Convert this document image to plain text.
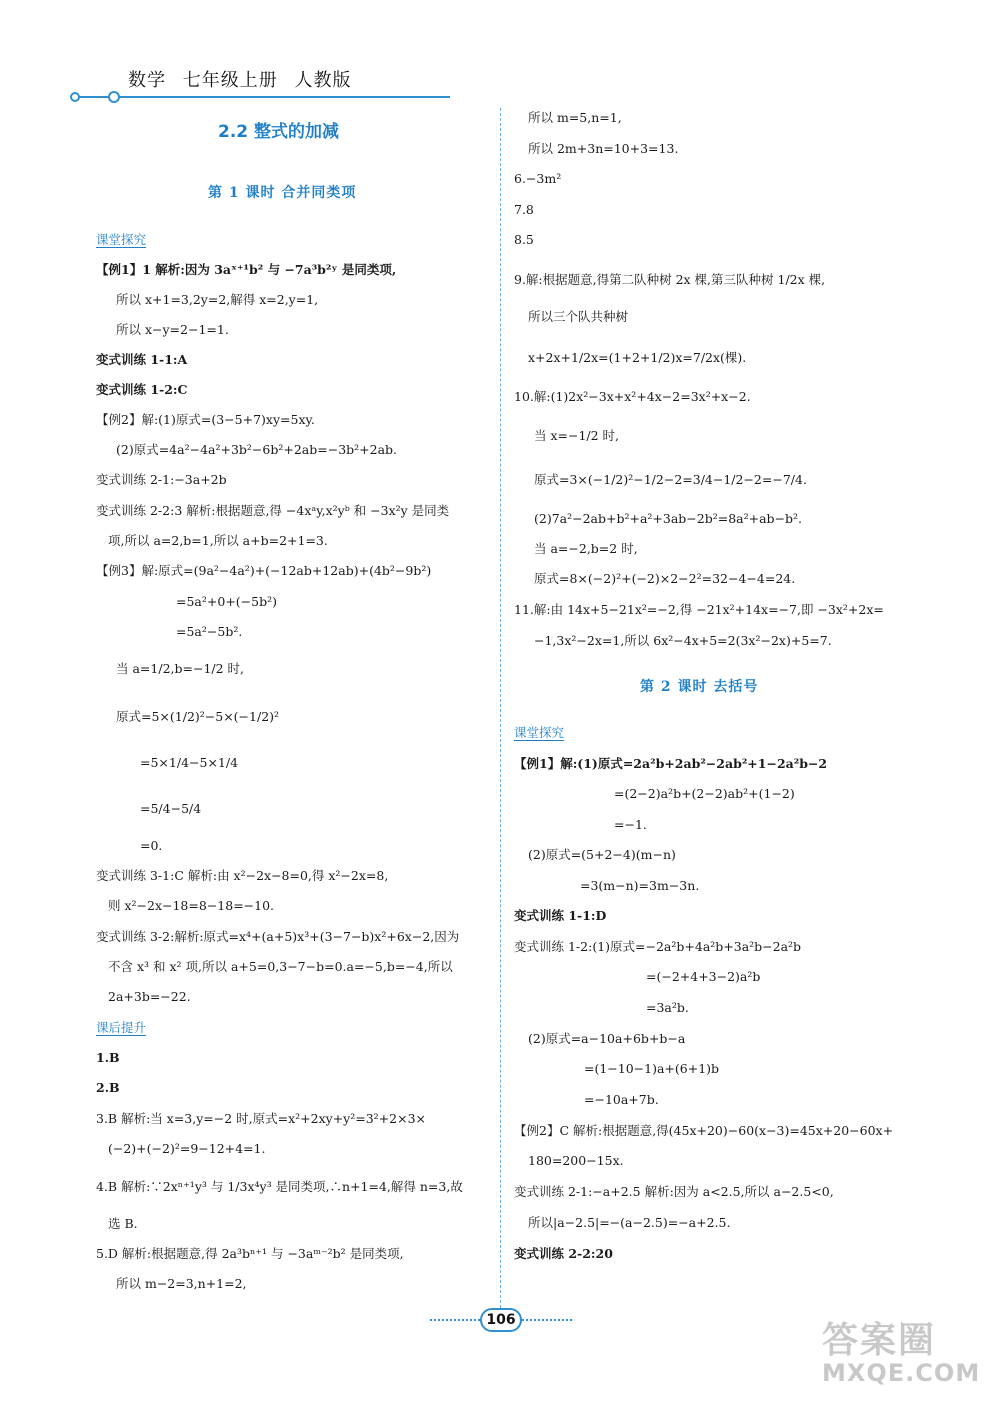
数学 七年级上册 人教版
2.2 整式的加减
第 1 课时 合并同类项
课堂探究
【例1】1 解析:因为 3aˣ⁺¹b² 与 −7a³b²ʸ 是同类项,
所以 x+1=3,2y=2,解得 x=2,y=1,
所以 x−y=2−1=1.
变式训练 1-1:A
变式训练 1-2:C
【例2】解:(1)原式=(3−5+7)xy=5xy.
(2)原式=4a²−4a²+3b²−6b²+2ab=−3b²+2ab.
变式训练 2-1:−3a+2b
变式训练 2-2:3 解析:根据题意,得 −4xᵃy,x²yᵇ 和 −3x²y 是同类
项,所以 a=2,b=1,所以 a+b=2+1=3.
【例3】解:原式=(9a²−4a²)+(−12ab+12ab)+(4b²−9b²)
=5a²+0+(−5b²)
=5a²−5b².
当 a=1/2,b=−1/2 时,
原式=5×(1/2)²−5×(−1/2)²
=5×1/4−5×1/4
=5/4−5/4
=0.
变式训练 3-1:C 解析:由 x²−2x−8=0,得 x²−2x=8,
则 x²−2x−18=8−18=−10.
变式训练 3-2:解析:原式=x⁴+(a+5)x³+(3−7−b)x²+6x−2,因为
不含 x³ 和 x² 项,所以 a+5=0,3−7−b=0.a=−5,b=−4,所以
2a+3b=−22.
课后提升
1.B
2.B
3.B 解析:当 x=3,y=−2 时,原式=x²+2xy+y²=3²+2×3×
(−2)+(−2)²=9−12+4=1.
4.B 解析:∵2xⁿ⁺¹y³ 与 1/3x⁴y³ 是同类项,∴n+1=4,解得 n=3,故
选 B.
5.D 解析:根据题意,得 2a³bⁿ⁺¹ 与 −3aᵐ⁻²b² 是同类项,
所以 m−2=3,n+1=2,
所以 m=5,n=1,
所以 2m+3n=10+3=13.
6.−3m²
7.8
8.5
9.解:根据题意,得第二队种树 2x 棵,第三队种树 1/2x 棵,
所以三个队共种树
x+2x+1/2x=(1+2+1/2)x=7/2x(棵).
10.解:(1)2x²−3x+x²+4x−2=3x²+x−2.
当 x=−1/2 时,
原式=3×(−1/2)²−1/2−2=3/4−1/2−2=−7/4.
(2)7a²−2ab+b²+a²+3ab−2b²=8a²+ab−b².
当 a=−2,b=2 时,
原式=8×(−2)²+(−2)×2−2²=32−4−4=24.
11.解:由 14x+5−21x²=−2,得 −21x²+14x=−7,即 −3x²+2x=
−1,3x²−2x=1,所以 6x²−4x+5=2(3x²−2x)+5=7.
第 2 课时 去括号
课堂探究
【例1】解:(1)原式=2a²b+2ab²−2ab²+1−2a²b−2
=(2−2)a²b+(2−2)ab²+(1−2)
=−1.
(2)原式=(5+2−4)(m−n)
=3(m−n)=3m−3n.
变式训练 1-1:D
变式训练 1-2:(1)原式=−2a²b+4a²b+3a²b−2a²b
=(−2+4+3−2)a²b
=3a²b.
(2)原式=a−10a+6b+b−a
=(1−10−1)a+(6+1)b
=−10a+7b.
【例2】C 解析:根据题意,得(45x+20)−60(x−3)=45x+20−60x+
180=200−15x.
变式训练 2-1:−a+2.5 解析:因为 a<2.5,所以 a−2.5<0,
所以|a−2.5|=−(a−2.5)=−a+2.5.
变式训练 2-2:20
106	答案圈
MXQE.COM
